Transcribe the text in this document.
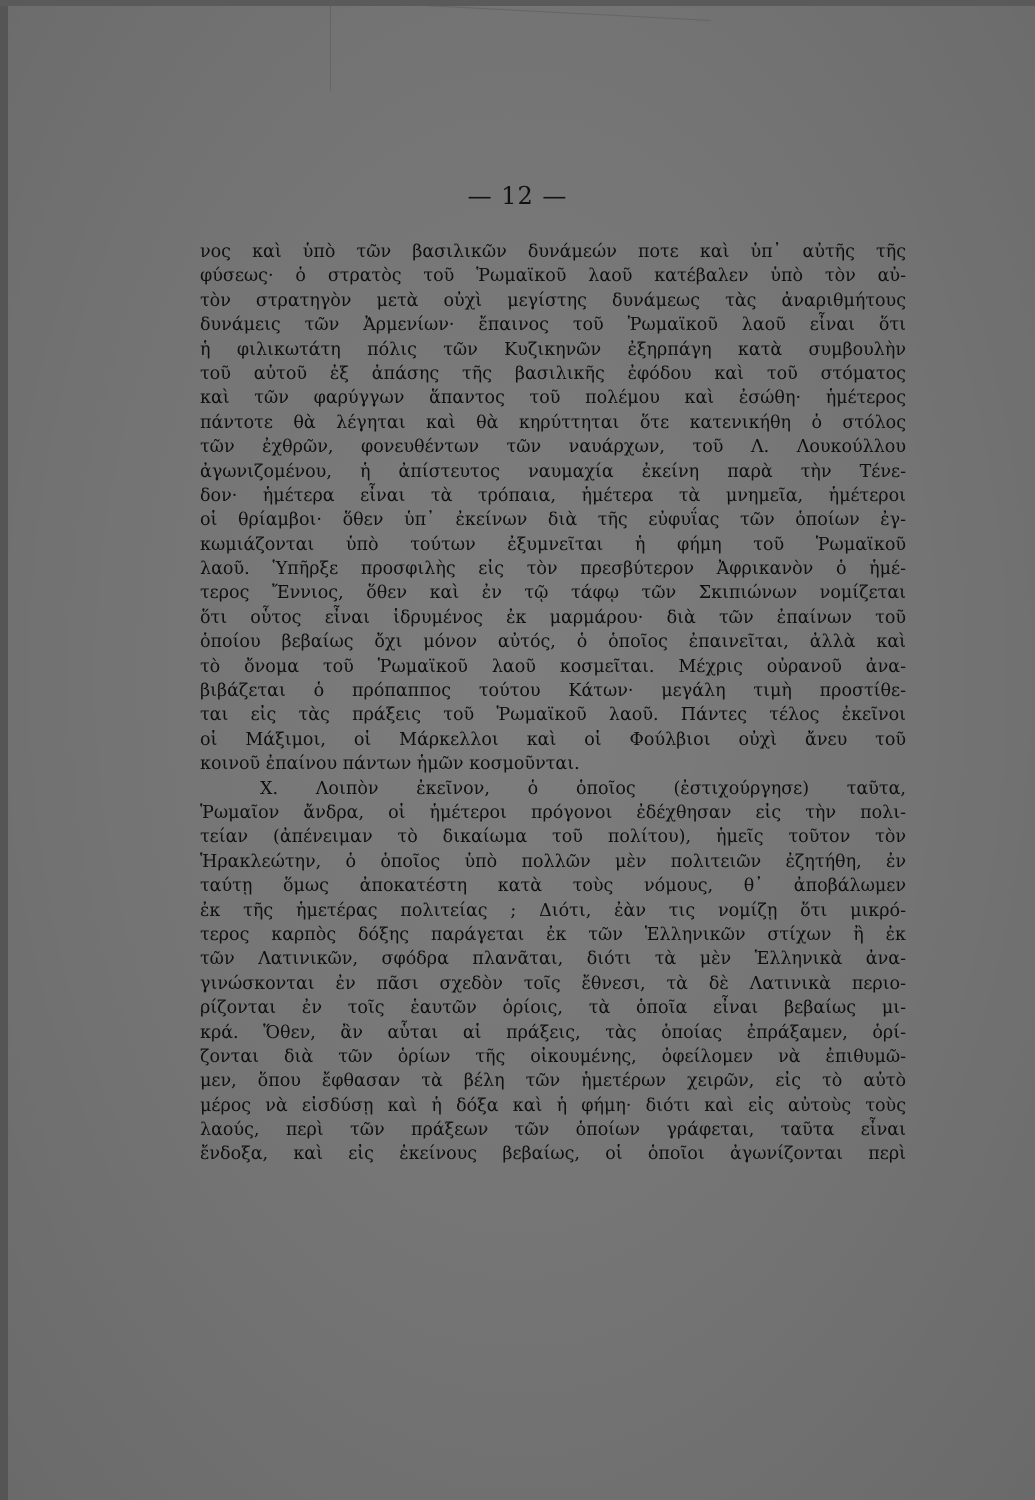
— 12 —
νος καὶ ὑπὸ τῶν βασιλικῶν δυνάμεών ποτε καὶ ὑπ᾿ αὐτῆς τῆς
φύσεως· ὁ στρατὸς τοῦ Ῥωμαϊκοῦ λαοῦ κατέβαλεν ὑπὸ τὸν αὐ-
τὸν στρατηγὸν μετὰ οὐχὶ μεγίστης δυνάμεως τὰς ἀναριθμήτους
δυνάμεις τῶν Ἀρμενίων· ἔπαινος τοῦ Ῥωμαϊκοῦ λαοῦ εἶναι ὅτι
ἡ φιλικωτάτη πόλις τῶν Κυζικηνῶν ἐξηρπάγη κατὰ συμβουλὴν
τοῦ αὐτοῦ ἐξ ἁπάσης τῆς βασιλικῆς ἐφόδου καὶ τοῦ στόματος
καὶ τῶν φαρύγγων ἅπαντος τοῦ πολέμου καὶ ἐσώθη· ἡμέτερος
πάντοτε θὰ λέγηται καὶ θὰ κηρύττηται ὅτε κατενικήθη ὁ στόλος
τῶν ἐχθρῶν, φονευθέντων τῶν ναυάρχων, τοῦ Λ. Λουκούλλου
ἀγωνιζομένου, ἡ ἀπίστευτος ναυμαχία ἐκείνη παρὰ τὴν Τένε-
δον· ἡμέτερα εἶναι τὰ τρόπαια, ἡμέτερα τὰ μνημεῖα, ἡμέτεροι
οἱ θρίαμβοι· ὅθεν ὑπ᾿ ἐκείνων διὰ τῆς εὐφυΐας τῶν ὁποίων ἐγ-
κωμιάζονται ὑπὸ τούτων ἐξυμνεῖται ἡ φήμη τοῦ Ῥωμαϊκοῦ
λαοῦ. Ὑπῆρξε προσφιλὴς εἰς τὸν πρεσβύτερον Ἀφρικανὸν ὁ ἡμέ-
τερος Ἔννιος, ὅθεν καὶ ἐν τῷ τάφῳ τῶν Σκιπιώνων νομίζεται
ὅτι οὗτος εἶναι ἱδρυμένος ἐκ μαρμάρου· διὰ τῶν ἐπαίνων τοῦ
ὁποίου βεβαίως ὄχι μόνον αὐτός, ὁ ὁποῖος ἐπαινεῖται, ἀλλὰ καὶ
τὸ ὄνομα τοῦ Ῥωμαϊκοῦ λαοῦ κοσμεῖται. Μέχρις οὐρανοῦ ἀνα-
βιβάζεται ὁ πρόπαππος τούτου Κάτων· μεγάλη τιμὴ προστίθε-
ται εἰς τὰς πράξεις τοῦ Ῥωμαϊκοῦ λαοῦ. Πάντες τέλος ἐκεῖνοι
οἱ Μάξιμοι, οἱ Μάρκελλοι καὶ οἱ Φούλβιοι οὐχὶ ἄνευ τοῦ
κοινοῦ ἐπαίνου πάντων ἡμῶν κοσμοῦνται.
Χ. Λοιπὸν ἐκεῖνον, ὁ ὁποῖος (ἐστιχούργησε) ταῦτα,
Ῥωμαῖον ἄνδρα, οἱ ἡμέτεροι πρόγονοι ἐδέχθησαν εἰς τὴν πολι-
τείαν (ἀπένειμαν τὸ δικαίωμα τοῦ πολίτου), ἡμεῖς τοῦτον τὸν
Ἡρακλεώτην, ὁ ὁποῖος ὑπὸ πολλῶν μὲν πολιτειῶν ἐζητήθη, ἐν
ταύτῃ ὅμως ἀποκατέστη κατὰ τοὺς νόμους, θ᾿ ἀποβάλωμεν
ἐκ τῆς ἡμετέρας πολιτείας ; Διότι, ἐὰν τις νομίζῃ ὅτι μικρό-
τερος καρπὸς δόξης παράγεται ἐκ τῶν Ἑλληνικῶν στίχων ἢ ἐκ
τῶν Λατινικῶν, σφόδρα πλανᾶται, διότι τὰ μὲν Ἑλληνικὰ ἀνα-
γινώσκονται ἐν πᾶσι σχεδὸν τοῖς ἔθνεσι, τὰ δὲ Λατινικὰ περιο-
ρίζονται ἐν τοῖς ἑαυτῶν ὁρίοις, τὰ ὁποῖα εἶναι βεβαίως μι-
κρά. Ὅθεν, ἂν αὗται αἱ πράξεις, τὰς ὁποίας ἐπράξαμεν, ὁρί-
ζονται διὰ τῶν ὁρίων τῆς οἰκουμένης, ὀφείλομεν νὰ ἐπιθυμῶ-
μεν, ὅπου ἔφθασαν τὰ βέλη τῶν ἡμετέρων χειρῶν, εἰς τὸ αὐτὸ
μέρος νὰ εἰσδύσῃ καὶ ἡ δόξα καὶ ἡ φήμη· διότι καὶ εἰς αὐτοὺς τοὺς
λαούς, περὶ τῶν πράξεων τῶν ὁποίων γράφεται, ταῦτα εἶναι
ἔνδοξα, καὶ εἰς ἐκείνους βεβαίως, οἱ ὁποῖοι ἀγωνίζονται περὶ
